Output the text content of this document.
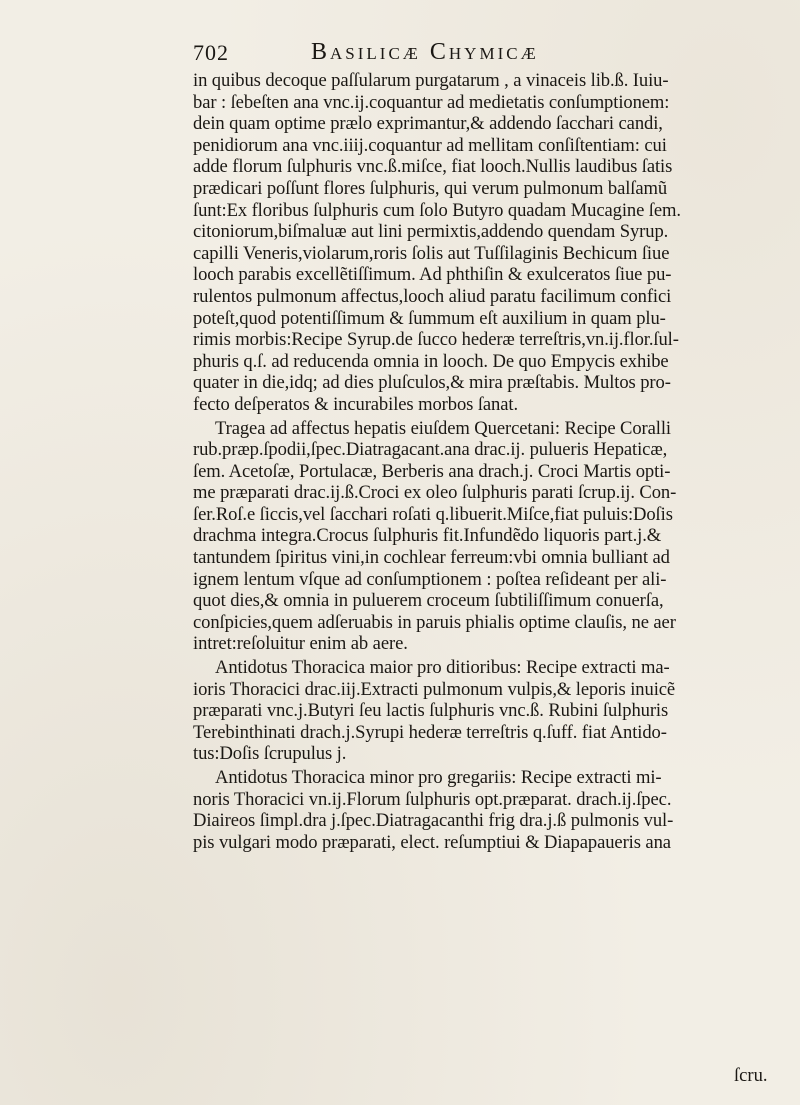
702	Basilicæ Chymicæ
in quibus decoque paſſularum purgatarum , a vinaceis lib.ß. Iuiu-
bar : ſebeſten ana vnc.ij.coquantur ad medietatis conſumptionem:
dein quam optime prælo exprimantur,& addendo ſacchari candi,
penidiorum ana vnc.iiij.coquantur ad mellitam conſiſtentiam: cui
adde florum ſulphuris vnc.ß.miſce, fiat looch.Nullis laudibus ſatis
prædicari poſſunt flores ſulphuris, qui verum pulmonum balſamũ
ſunt:Ex floribus ſulphuris cum ſolo Butyro quadam Mucagine ſem.
citoniorum,biſmaluæ aut lini permixtis,addendo quendam Syrup.
capilli Veneris,violarum,roris ſolis aut Tuſſilaginis Bechicum ſiue
looch parabis excellẽtiſſimum. Ad phthiſin & exulceratos ſiue pu-
rulentos pulmonum affectus,looch aliud paratu facilimum confici
poteſt,quod potentiſſimum & ſummum eſt auxilium in quam plu-
rimis morbis:Recipe Syrup.de ſucco hederæ terreſtris,vn.ij.flor.ſul-
phuris q.ſ. ad reducenda omnia in looch. De quo Empycis exhibe
quater in die,idq; ad dies pluſculos,& mira præſtabis. Multos pro-
fecto deſperatos & incurabiles morbos ſanat.
Tragea ad affectus hepatis eiuſdem Quercetani: Recipe Coralli
rub.præp.ſpodii,ſpec.Diatragacant.ana drac.ij. pulueris Hepaticæ,
ſem. Acetoſæ, Portulacæ, Berberis ana drach.j. Croci Martis opti-
me præparati drac.ij.ß.Croci ex oleo ſulphuris parati ſcrup.ij. Con-
ſer.Roſ.e ſiccis,vel ſacchari roſati q.libuerit.Miſce,fiat puluis:Doſis
drachma integra.Crocus ſulphuris fit.Infundẽdo liquoris part.j.&
tantundem ſpiritus vini,in cochlear ferreum:vbi omnia bulliant ad
ignem lentum vſque ad conſumptionem : poſtea reſideant per ali-
quot dies,& omnia in puluerem croceum ſubtiliſſimum conuerſa,
conſpicies,quem adſeruabis in paruis phialis optime clauſis, ne aer
intret:reſoluitur enim ab aere.
Antidotus Thoracica maior pro ditioribus: Recipe extracti ma-
ioris Thoracici drac.iij.Extracti pulmonum vulpis,& leporis inuicẽ
præparati vnc.j.Butyri ſeu lactis ſulphuris vnc.ß. Rubini ſulphuris
Terebinthinati drach.j.Syrupi hederæ terreſtris q.ſuff. fiat Antido-
tus:Doſis ſcrupulus j.
Antidotus Thoracica minor pro gregariis: Recipe extracti mi-
noris Thoracici vn.ij.Florum ſulphuris opt.præparat. drach.ij.ſpec.
Diaireos ſimpl.dra j.ſpec.Diatragacanthi frig dra.j.ß pulmonis vul-
pis vulgari modo præparati, elect. reſumptiui & Diapapaueris ana
ſcru.
